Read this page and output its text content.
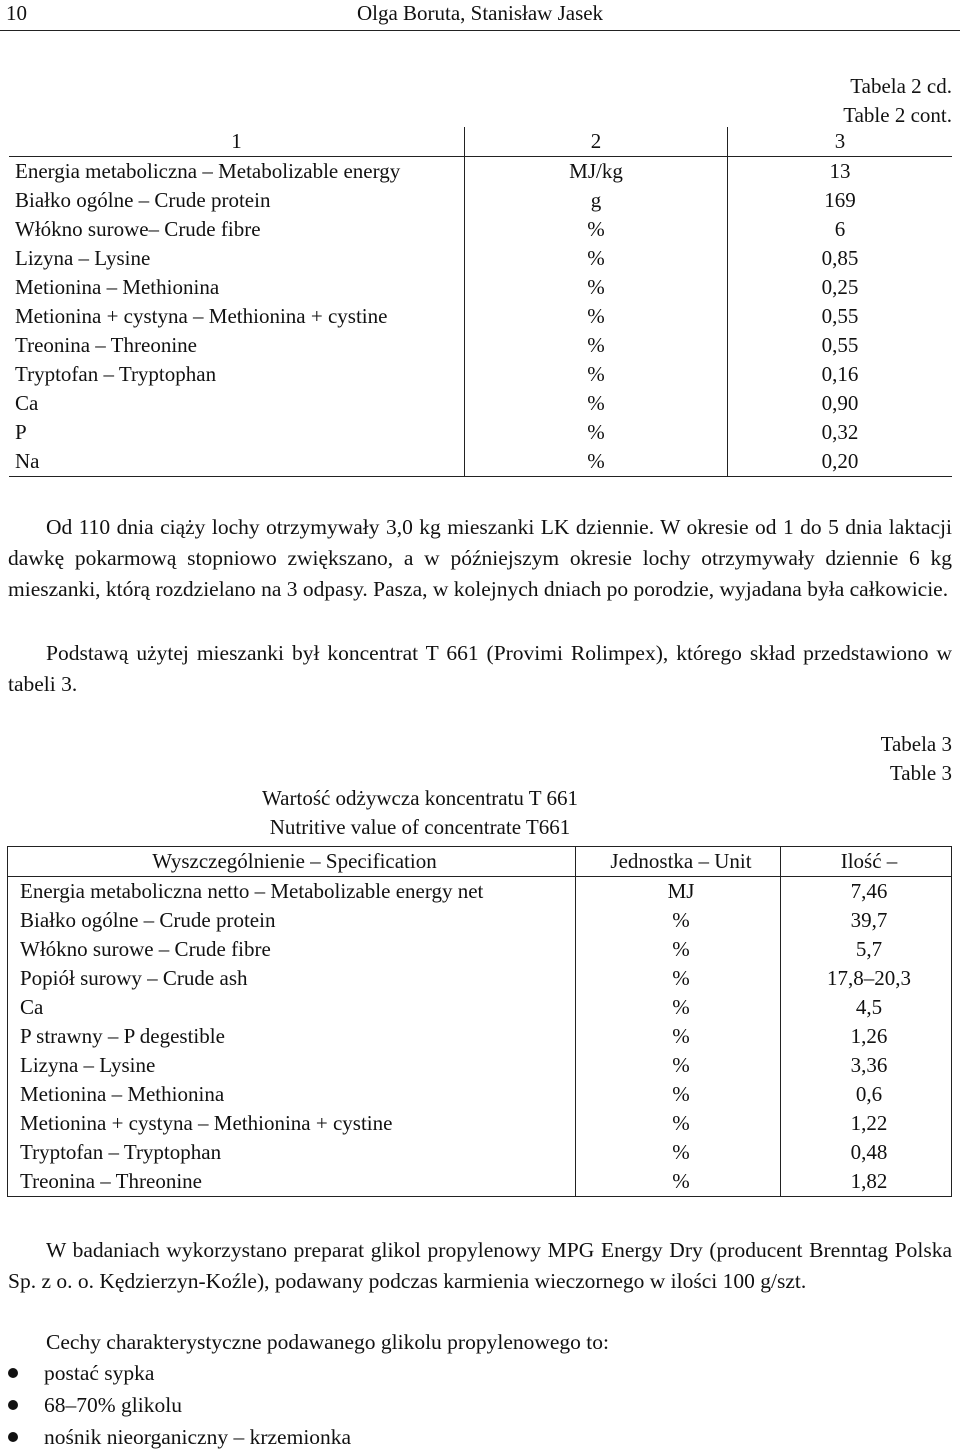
Olga Boruta, Stanisław Jasek
10
Tabela 2 cd.
Table 2 cont.
1	2	3
Energia metaboliczna – Metabolizable energy	MJ/kg	13
Białko ogólne – Crude protein	g	169
Włókno surowe– Crude fibre	%	6
Lizyna – Lysine	%	0,85
Metionina – Methionina	%	0,25
Metionina + cystyna – Methionina + cystine	%	0,55
Treonina – Threonine	%	0,55
Tryptofan – Tryptophan	%	0,16
Ca	%	0,90
P	%	0,32
Na	%	0,20

Od 110 dnia ciąży lochy otrzymywały 3,0 kg mieszanki LK dziennie. W okresie od 1 do 5 dnia laktacji dawkę pokarmową stopniowo zwiększano, a w późniejszym okresie lochy otrzymywały dziennie 6 kg mieszanki, którą rozdzielano na 3 odpasy. Pasza, w kolejnych dniach po porodzie, wyjadana była całkowicie.

Podstawą użytej mieszanki był koncentrat T 661 (Provimi Rolimpex), którego skład przedstawiono w tabeli 3.

Tabela 3
Table 3
Wartość odżywcza koncentratu T 661
Nutritive value of concentrate T661
Wyszczególnienie – Specification	Jednostka – Unit	Ilość –
Energia metaboliczna netto – Metabolizable energy net	MJ	7,46
Białko ogólne – Crude protein	%	39,7
Włókno surowe – Crude fibre	%	5,7
Popiół surowy – Crude ash	%	17,8–20,3
Ca	%	4,5
P strawny – P degestible	%	1,26
Lizyna – Lysine	%	3,36
Metionina – Methionina	%	0,6
Metionina + cystyna – Methionina + cystine	%	1,22
Tryptofan – Tryptophan	%	0,48
Treonina – Threonine	%	1,82

W badaniach wykorzystano preparat glikol propylenowy MPG Energy Dry (producent Brenntag Polska Sp. z o. o. Kędzierzyn-Koźle), podawany podczas karmienia wieczornego w ilości 100 g/szt.

Cechy charakterystyczne podawanego glikolu propylenowego to:

postać sypka
68–70% glikolu
nośnik nieorganiczny – krzemionka
